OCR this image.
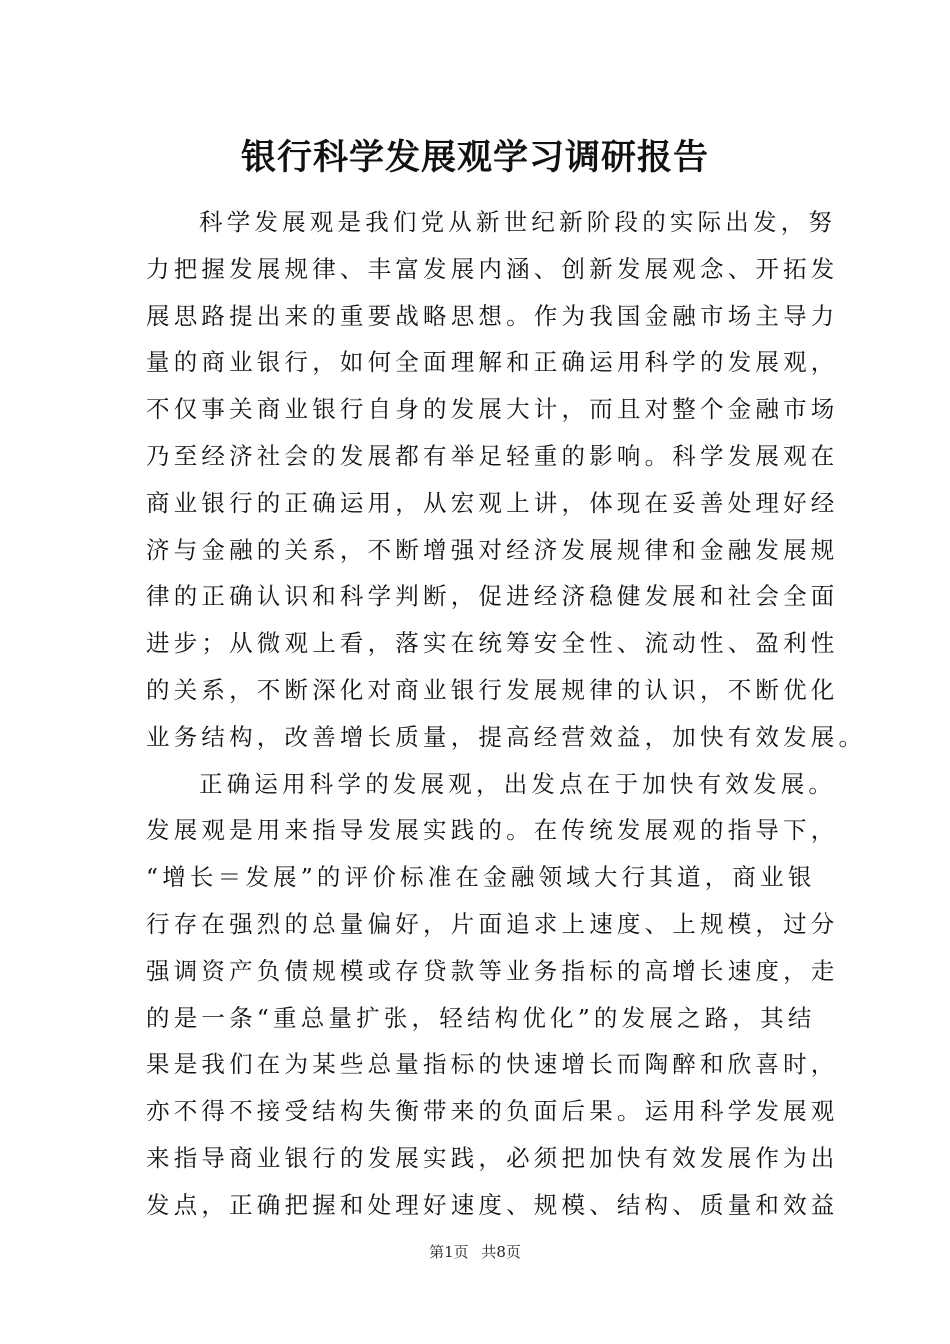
银行科学发展观学习调研报告

科学发展观是我们党从新世纪新阶段的实际出发，努

力把握发展规律、丰富发展内涵、创新发展观念、开拓发

展思路提出来的重要战略思想。作为我国金融市场主导力

量的商业银行，如何全面理解和正确运用科学的发展观，

不仅事关商业银行自身的发展大计，而且对整个金融市场

乃至经济社会的发展都有举足轻重的影响。科学发展观在

商业银行的正确运用，从宏观上讲，体现在妥善处理好经

济与金融的关系，不断增强对经济发展规律和金融发展规

律的正确认识和科学判断，促进经济稳健发展和社会全面

进步；从微观上看，落实在统筹安全性、流动性、盈利性

的关系，不断深化对商业银行发展规律的认识，不断优化

业务结构，改善增长质量，提高经营效益，加快有效发展。

正确运用科学的发展观，出发点在于加快有效发展。

发展观是用来指导发展实践的。在传统发展观的指导下，

“增长＝发展”的评价标准在金融领域大行其道，商业银

行存在强烈的总量偏好，片面追求上速度、上规模，过分

强调资产负债规模或存贷款等业务指标的高增长速度，走

的是一条“重总量扩张，轻结构优化”的发展之路，其结

果是我们在为某些总量指标的快速增长而陶醉和欣喜时，

亦不得不接受结构失衡带来的负面后果。运用科学发展观

来指导商业银行的发展实践，必须把加快有效发展作为出

发点，正确把握和处理好速度、规模、结构、质量和效益

第1页 共8页
